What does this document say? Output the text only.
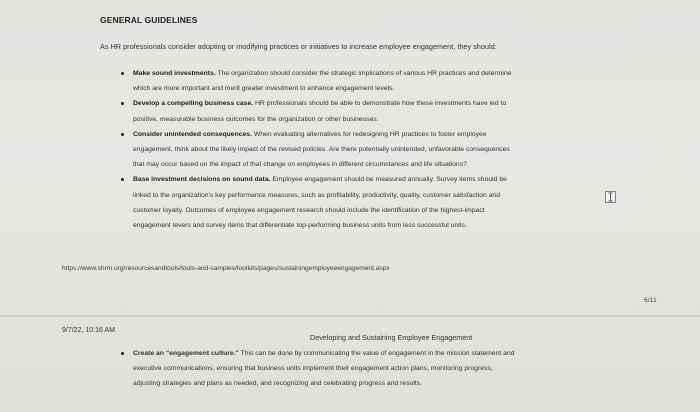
GENERAL GUIDELINES
As HR professionals consider adopting or modifying practices or initiatives to increase employee engagement, they should:
Make sound investments. The organization should consider the strategic implications of various HR practices and determine
which are more important and merit greater investment to enhance engagement levels.
Develop a compelling business case. HR professionals should be able to demonstrate how these investments have led to
positive, measurable business outcomes for the organization or other businesses.
Consider unintended consequences. When evaluating alternatives for redesigning HR practices to foster employee
engagement, think about the likely impact of the revised policies. Are there potentially unintended, unfavorable consequences
that may occur based on the impact of that change on employees in different circumstances and life situations?
Base investment decisions on sound data. Employee engagement should be measured annually. Survey items should be
linked to the organization's key performance measures, such as profitability, productivity, quality, customer satisfaction and
customer loyalty. Outcomes of employee engagement research should include the identification of the highest-impact
engagement levers and survey items that differentiate top-performing business units from less successful units.
https://www.shrm.org/resourcesandtools/tools-and-samples/toolkits/pages/sustainingemployeeengagement.aspx
6/11
9/7/22, 10:16 AM
Developing and Sustaining Employee Engagement
Create an "engagement culture." This can be done by communicating the value of engagement in the mission statement and
executive communications, ensuring that business units implement their engagement action plans, monitoring progress,
adjusting strategies and plans as needed, and recognizing and celebrating progress and results.
